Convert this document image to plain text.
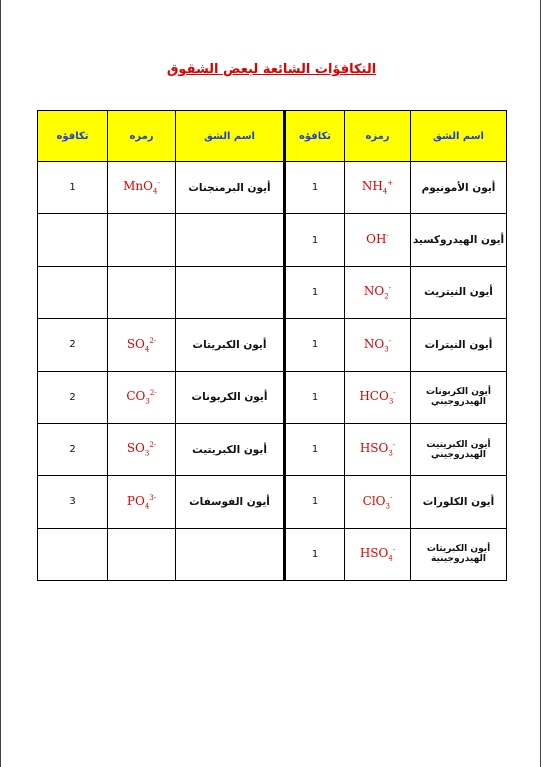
التكافؤات الشائعة لبعض الشقوق
اسم الشق	رمزه	تكافؤه	اسم الشق	رمزه	تكافؤه
أيون الأمونيوم	$NH_4^+$	1	أيون البرمنجنات	MnO$_4$-	1
أيون الهيدروكسيد	OH-	1			
أيون النيتريت	$NO_2^-$	1			
أيون النيترات	$NO_3^-$	1	أيون الكبريتات	$SO_4^{2-}$	2
أيون الكربونات الهيدروجيني	$HCO_3^-$	1	أيون الكربونات	$CO_3^{2-}$	2
أيون الكبريتيت الهيدروجيني	$HSO_3^-$	1	أيون الكبريتيت	$SO_3^{2-}$	2
أيون الكلورات	ClO$_3$-	1	أيون الفوسفات	$PO_4^{3-}$	3
أيون الكبريتات الهيدروجينية	$HSO_4^-$	1			
